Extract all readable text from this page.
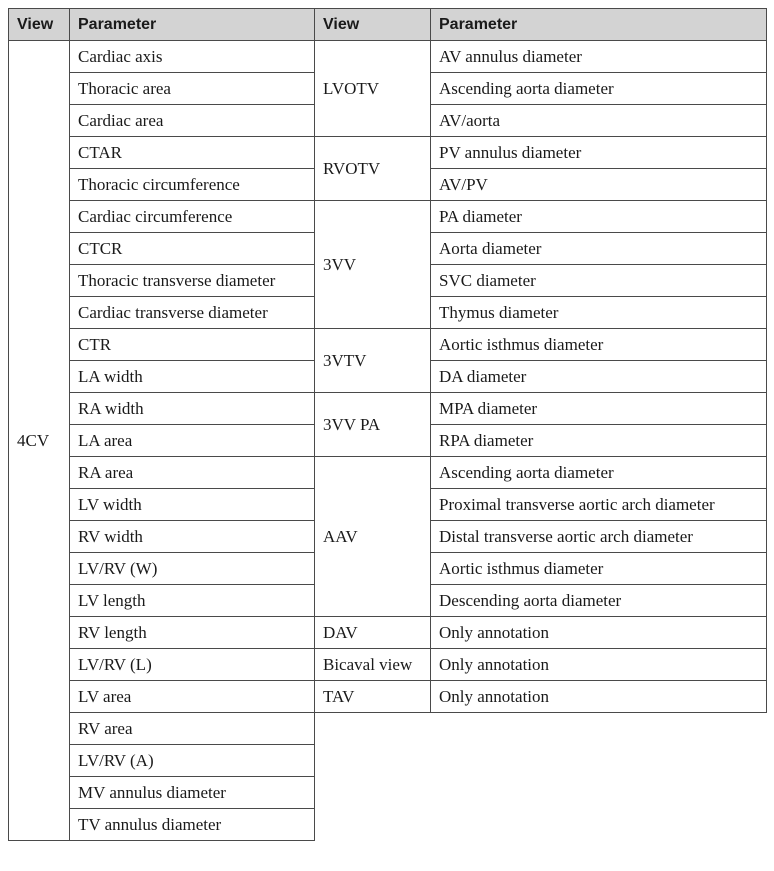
View	Parameter	View	Parameter
4CV	Cardiac axis	LVOTV	AV annulus diameter
	Thoracic area		Ascending aorta diameter
	Cardiac area		AV/aorta
	CTAR	RVOTV	PV annulus diameter
	Thoracic circumference		AV/PV
	Cardiac circumference	3VV	PA diameter
	CTCR		Aorta diameter
	Thoracic transverse diameter		SVC diameter
	Cardiac transverse diameter		Thymus diameter
	CTR	3VTV	Aortic isthmus diameter
	LA width		DA diameter
	RA width	3VV PA	MPA diameter
	LA area		RPA diameter
	RA area	AAV	Ascending aorta diameter
	LV width		Proximal transverse aortic arch diameter
	RV width		Distal transverse aortic arch diameter
	LV/RV (W)		Aortic isthmus diameter
	LV length		Descending aorta diameter
	RV length	DAV	Only annotation
	LV/RV (L)	Bicaval view	Only annotation
	LV area	TAV	Only annotation
	RV area		
	LV/RV (A)		
	MV annulus diameter		
	TV annulus diameter		
